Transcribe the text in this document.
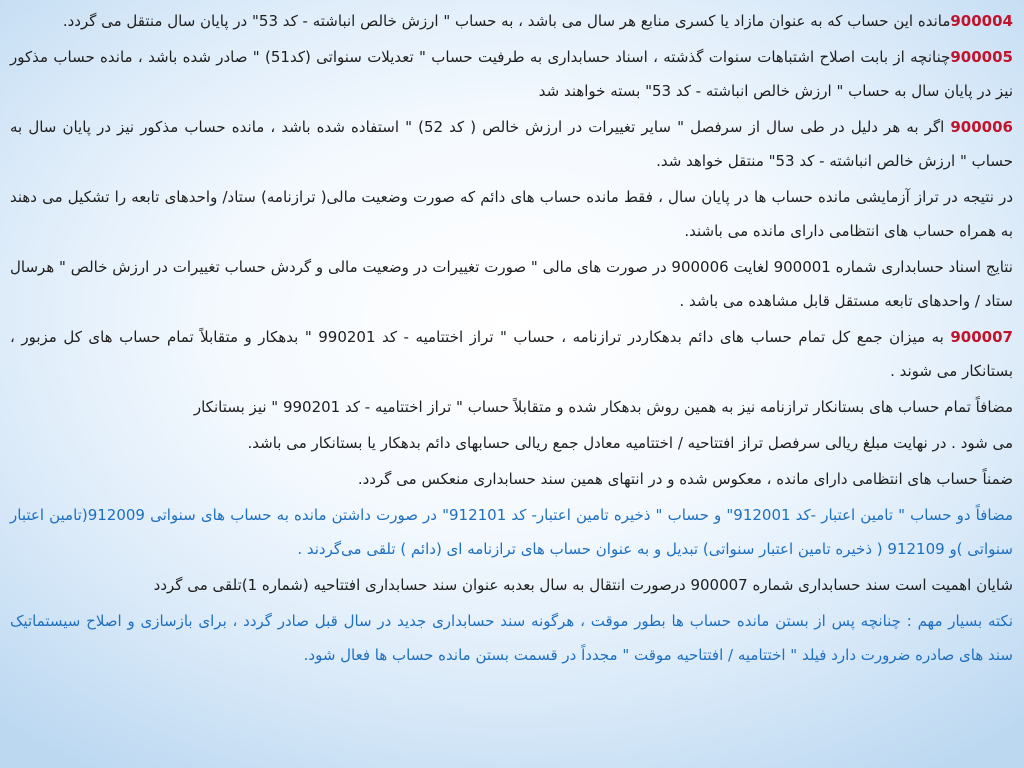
900004مانده این حساب که به عنوان مازاد یا کسری منابع هر سال می باشد ، به حساب " ارزش خالص انباشته - کد 53" در پایان سال منتقل می گردد.

900005چنانچه از بابت اصلاح اشتباهات سنوات گذشته ، اسناد حسابداری به طرفیت حساب " تعدیلات سنواتی (کد51) " صادر شده باشد ، مانده حساب مذکور نیز در پایان سال به حساب " ارزش خالص انباشته - کد 53" بسته خواهند شد

900006 اگر به هر دلیل در طی سال از سرفصل " سایر تغییرات در ارزش خالص ( کد 52) " استفاده شده باشد ، مانده حساب مذکور نیز در پایان سال به حساب " ارزش خالص انباشته - کد 53" منتقل خواهد شد.

در نتیجه در تراز آزمایشی مانده حساب ها در پایان سال ، فقط مانده حساب های دائم که صورت وضعیت مالی( ترازنامه) ستاد/ واحدهای تابعه را تشکیل می دهند به همراه حساب های انتظامی دارای مانده می باشند.

نتایج اسناد حسابداری شماره 900001 لغایت 900006 در صورت های مالی " صورت تغییرات در وضعیت مالی و گردش حساب تغییرات در ارزش خالص " هرسال ستاد / واحدهای تابعه مستقل قابل مشاهده می باشد .

900007 به میزان جمع کل تمام حساب های دائم بدهکاردر ترازنامه ، حساب " تراز اختتامیه - کد 990201 " بدهکار و متقابلاً تمام حساب های کل مزبور ، بستانکار می شوند .

مضافاً تمام حساب های بستانکار ترازنامه نیز به همین روش بدهکار شده و متقابلاً حساب " تراز اختتامیه - کد 990201 " نیز بستانکار

می شود . در نهایت مبلغ ریالی سرفصل تراز افتتاحیه / اختتامیه معادل جمع ریالی حسابهای دائم بدهکار یا بستانکار می باشد.

ضمناً حساب های انتظامی دارای مانده ، معکوس شده و در انتهای همین سند حسابداری منعکس می گردد.

مضافاً دو حساب " تامین اعتبار -کد 912001" و حساب " ذخیره تامین اعتبار- کد 912101" در صورت داشتن مانده به حساب های سنواتی 912009(تامین اعتبار سنواتی )و 912109 ( ذخیره تامین اعتبار سنواتی) تبدیل و به عنوان حساب های ترازنامه ای (دائم ) تلقی می‌گردند .

شایان اهمیت است سند حسابداری شماره 900007 درصورت انتقال به سال بعدبه عنوان سند حسابداری افتتاحیه (شماره 1)تلقی می گردد

نکته بسیار مهم : چنانچه پس از بستن مانده حساب ها بطور موقت ، هرگونه سند حسابداری جدید در سال قبل صادر گردد ، برای بازسازی و اصلاح سیستماتیک سند های صادره ضرورت دارد فیلد " اختتامیه / افتتاحیه موقت " مجدداً در قسمت بستن مانده حساب ها فعال شود.
